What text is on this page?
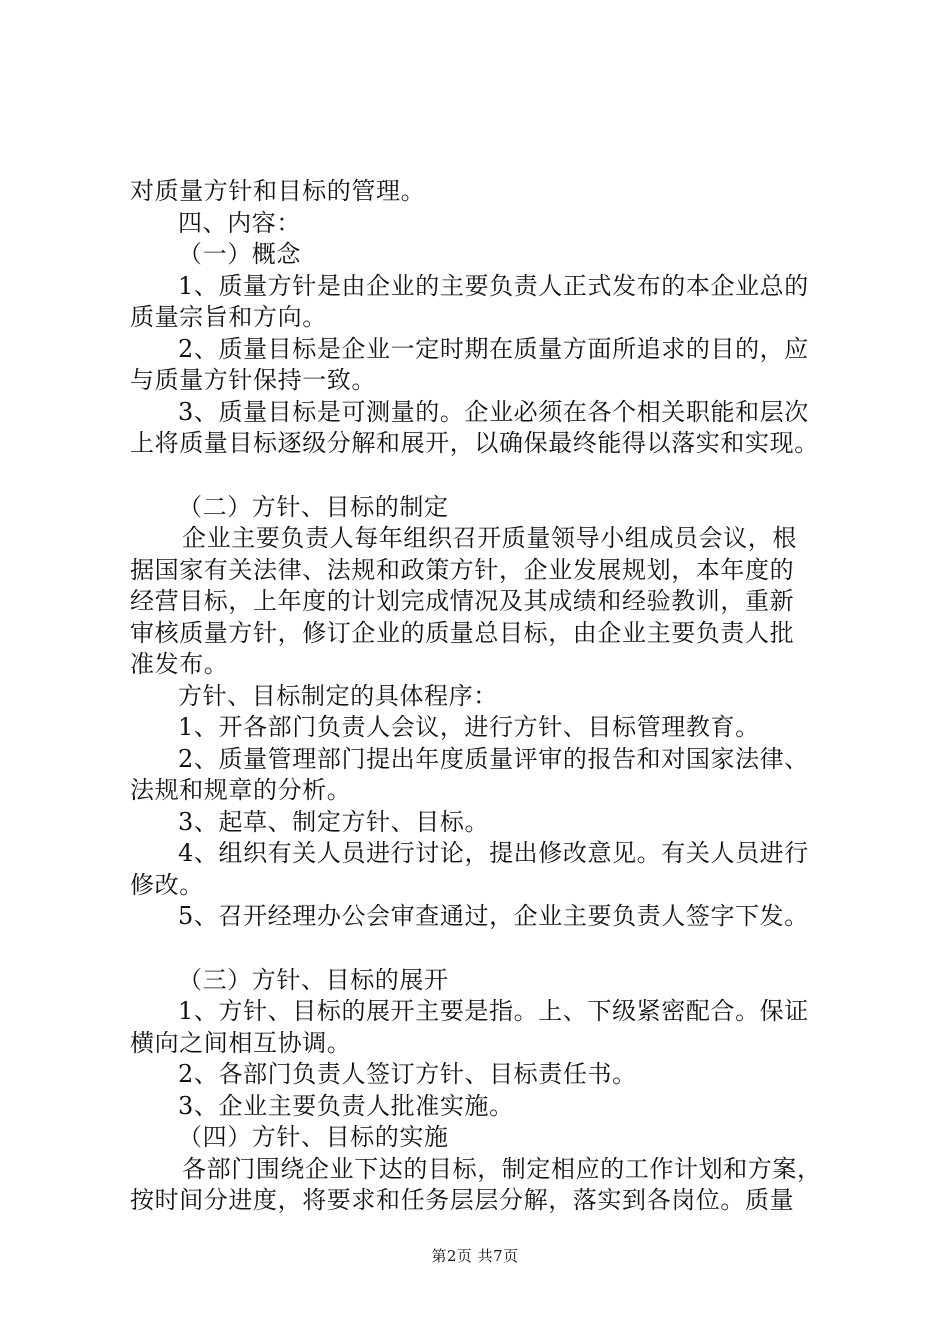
对质量方针和目标的管理。

四、内容：

（一）概念

1、质量方针是由企业的主要负责人正式发布的本企业总的

质量宗旨和方向。

2、质量目标是企业一定时期在质量方面所追求的目的，应

与质量方针保持一致。

3、质量目标是可测量的。企业必须在各个相关职能和层次

上将质量目标逐级分解和展开，以确保最终能得以落实和实现。

（二）方针、目标的制定

企业主要负责人每年组织召开质量领导小组成员会议，根

据国家有关法律、法规和政策方针，企业发展规划，本年度的

经营目标，上年度的计划完成情况及其成绩和经验教训，重新

审核质量方针，修订企业的质量总目标，由企业主要负责人批

准发布。

方针、目标制定的具体程序：

1、开各部门负责人会议，进行方针、目标管理教育。

2、质量管理部门提出年度质量评审的报告和对国家法律、

法规和规章的分析。

3、起草、制定方针、目标。

4、组织有关人员进行讨论，提出修改意见。有关人员进行

修改。

5、召开经理办公会审查通过，企业主要负责人签字下发。

（三）方针、目标的展开

1、方针、目标的展开主要是指。上、下级紧密配合。保证

横向之间相互协调。

2、各部门负责人签订方针、目标责任书。

3、企业主要负责人批准实施。

（四）方针、目标的实施

各部门围绕企业下达的目标，制定相应的工作计划和方案，

按时间分进度，将要求和任务层层分解，落实到各岗位。质量

第2页 共7页
